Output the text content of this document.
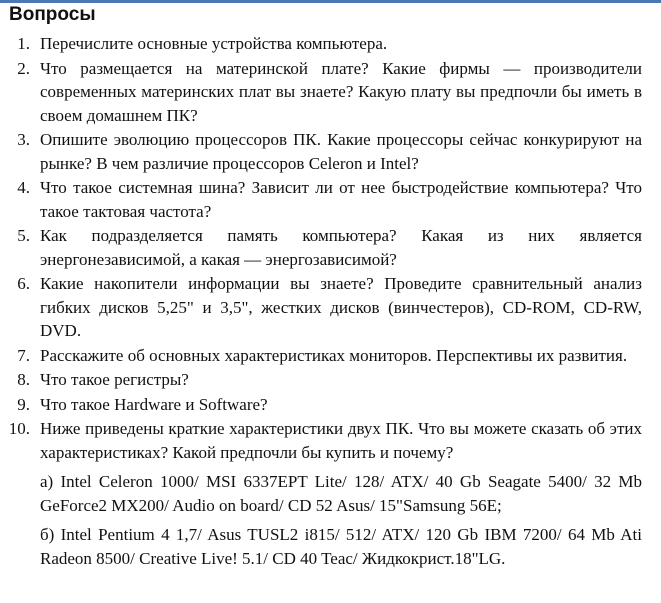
Вопросы
1. Перечислите основные устройства компьютера.
2. Что размещается на материнской плате? Какие фирмы — производители современных материнских плат вы знаете? Какую плату вы предпочли бы иметь в своем домашнем ПК?
3. Опишите эволюцию процессоров ПК. Какие процессоры сейчас конкурируют на рынке? В чем различие процессоров Celeron и Intel?
4. Что такое системная шина? Зависит ли от нее быстродействие компьютера? Что такое тактовая частота?
5. Как подразделяется память компьютера? Какая из них является энергонезависимой, а какая — энергозависимой?
6. Какие накопители информации вы знаете? Проведите сравнительный анализ гибких дисков 5,25" и 3,5", жестких дисков (винчестеров), CD-ROM, CD-RW, DVD.
7. Расскажите об основных характеристиках мониторов. Перспективы их развития.
8. Что такое регистры?
9. Что такое Hardware и Software?
10. Ниже приведены краткие характеристики двух ПК. Что вы можете сказать об этих характеристиках? Какой предпочли бы купить и почему?
а) Intel Celeron 1000/ MSI 6337EPT Lite/ 128/ ATX/ 40 Gb Seagate 5400/ 32 Mb GeForce2 MX200/ Audio on board/ CD 52 Asus/ 15"Samsung 56E;
б) Intel Pentium 4 1,7/ Asus TUSL2 i815/ 512/ ATX/ 120 Gb IBM 7200/ 64 Mb Ati Radeon 8500/ Creative Live! 5.1/ CD 40 Teac/ Жидкокрист.18"LG.
